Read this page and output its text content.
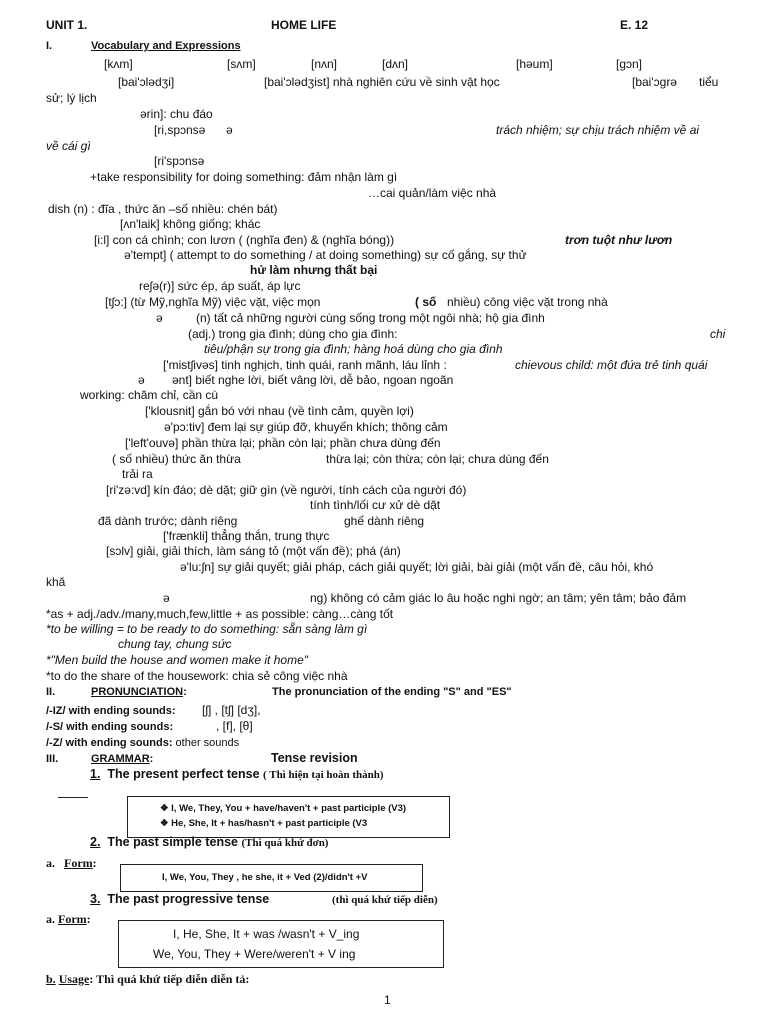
UNIT 1.	HOME LIFE	E. 12
I.	Vocabulary and Expressions
[kʌm]	[sʌm]	[nʌn]	[dʌn]	[həum]	[gɔn]
[bai'ɔlədʒi]	[bai'ɔlədʒist] nhà nghiên cứu về sinh vật học	[bai'ɔgrə tiểu
sử; lý lịch
ərin]: chu đáo
[ri,spɔnsə ə	trách nhiệm; sự chịu trách nhiệm về ai
về cái gì
[ri'spɔnsə
+take responsibility for doing something: đảm nhận làm gì
…cai quản/làm việc nhà
dish (n) : đĩa , thức ăn –số nhiều: chén bát)
[ʌn'laik] không giống; khác
[i:l] con cá chình; con lươn ( (nghĩa đen) & (nghĩa bóng))	trơn tuột như lươn
ə'tempt] ( attempt to do something / at doing something) sự cố gắng, sự thử
hử làm nhưng thất bại
reʃə(r)] sức ép, áp suất, áp lực
[tʃɔ:] (từ Mỹ,nghĩa Mỹ) việc vặt, việc mọn	( số nhiều) công việc vặt trong nhà
ə	(n) tất cả những người cùng sống trong một ngôi nhà; hộ gia đình
(adj.) trong gia đình; dùng cho gia đình:	chi
tiêu/phận sự trong gia đình; hàng hoá dùng cho gia đình
['mistʃivəs] tinh nghịch, tinh quái, ranh mãnh, láu lỉnh :	chievous child: một đứa trẻ tinh quái
ə ənt] biết nghe lời, biết vâng lời, dễ bảo, ngoan ngoãn
working: chăm chỉ, cần cù
['klousnit] gắn bó với nhau (về tình cảm, quyền lợi)
ə'pɔ:tiv] đem lại sự giúp đỡ, khuyến khích; thông cảm
['left'ouvə] phần thừa lại; phần còn lại; phần chưa dùng đến
( số nhiều) thức ăn thừa	thừa lại; còn thừa; còn lại; chưa dùng đến
trải ra
[ri'zə:vd] kín đáo; dè dặt; giữ gìn (về người, tính cách của người đó)
tính tình/lối cư xử dè dặt
đã dành trước; dành riêng	ghế dành riêng
['frænkli] thẳng thắn, trung thực
[sɔlv] giải, giải thích, làm sáng tỏ (một vấn đề); phá (án)
ə'lu:ʃn] sự giải quyết; giải pháp, cách giải quyết; lời giải, bài giải (một vấn đề, câu hỏi, khó
khă
ə	ng) không có cảm giác lo âu hoặc nghi ngờ; an tâm; yên tâm; bảo đảm
*as + adj./adv./many,much,few,little + as possible: càng…càng tốt
*to be willing = to be ready to do something: sẵn sàng làm gì
chung tay, chung sức
*"Men build the house and women make it home"
*to do the share of the housework: chia sẻ công việc nhà
II.	PRONUNCIATION:	The pronunciation of the ending "S" and "ES"
/-IZ/ with ending sounds: [ʃ] , [tʃ] [dʒ],
/-S/ with ending sounds:	, [f], [θ]
/-Z/ with ending sounds: other sounds
III.	GRAMMAR:	Tense revision
1. The present perfect tense ( Thì hiện tại hoàn thành)
❖ I, We, They, You + have/haven't + past participle (V3)
❖ He, She, It + has/hasn't + past participle (V3
2. The past simple tense (Thì quá khứ đơn)
a. Form:
I, We, You, They , he she, it + Ved (2)/didn't +V
3. The past progressive tense	(thì quá khứ tiếp diễn)
a. Form:
I, He, She, It + was /wasn't + V_ing
We, You, They + Were/weren't + V ing
b. Usage: Thì quá khứ tiếp diễn diễn tả:
1
